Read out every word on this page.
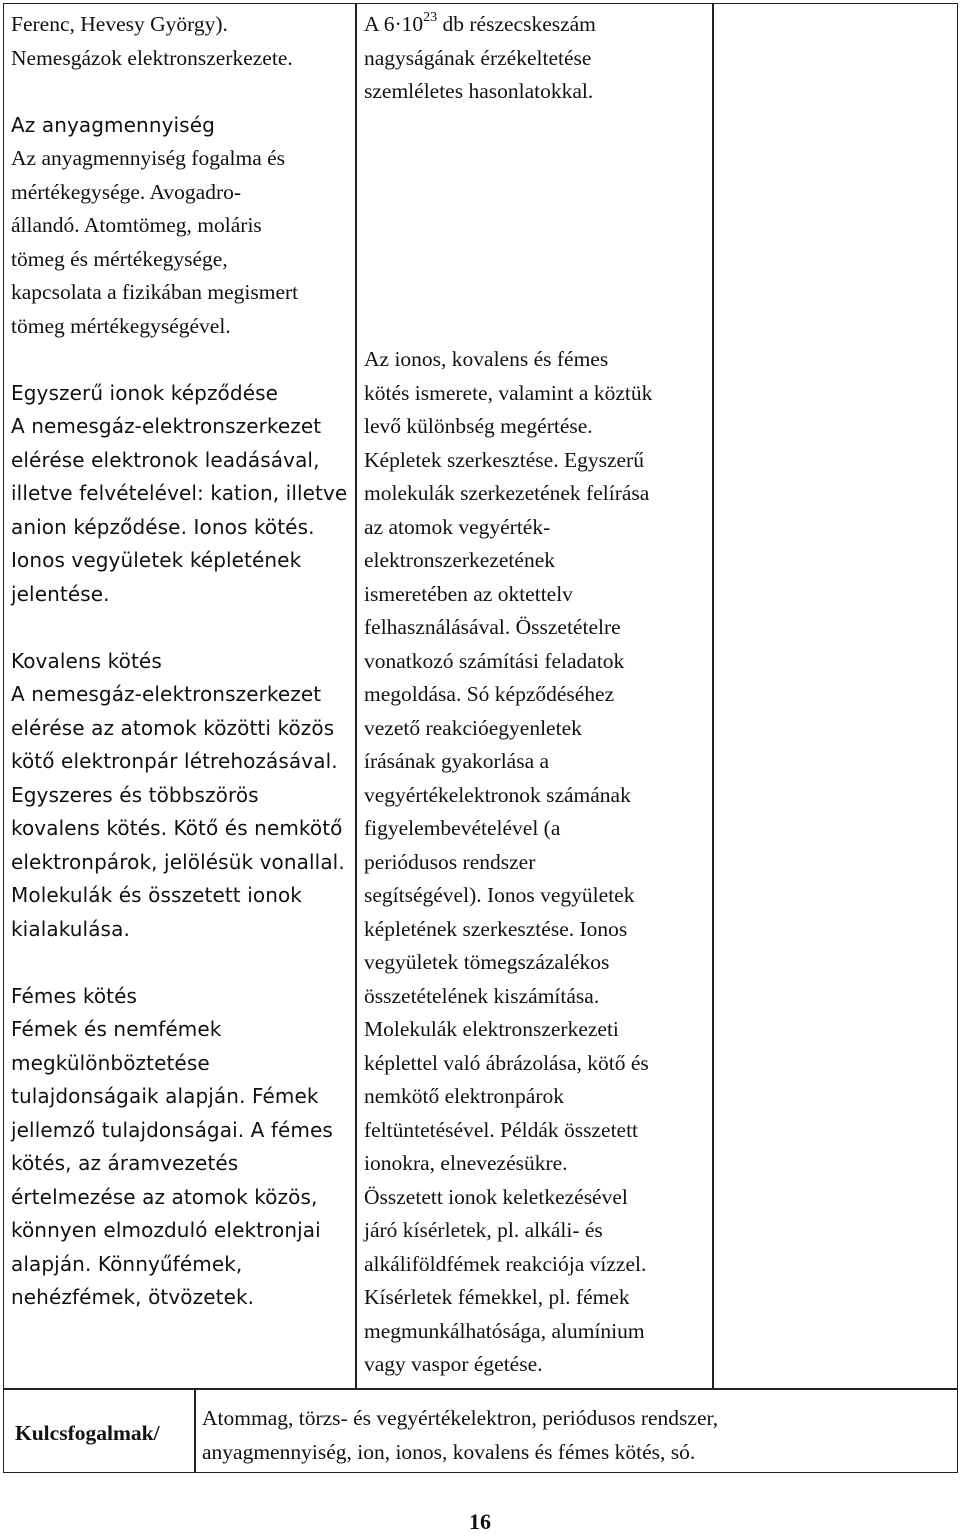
Ferenc, Hevesy György).
Nemesgázok elektronszerkezete.
Az anyagmennyiség
Az anyagmennyiség fogalma és
mértékegysége. Avogadro-
állandó. Atomtömeg, moláris
tömeg és mértékegysége,
kapcsolata a fizikában megismert
tömeg mértékegységével.
Egyszerű ionok képződése
A nemesgáz-elektronszerkezet
elérése elektronok leadásával,
illetve felvételével: kation, illetve
anion képződése. Ionos kötés.
Ionos vegyületek képletének
jelentése.
Kovalens kötés
A nemesgáz-elektronszerkezet
elérése az atomok közötti közös
kötő elektronpár létrehozásával.
Egyszeres és többszörös
kovalens kötés. Kötő és nemkötő
elektronpárok, jelölésük vonallal.
Molekulák és összetett ionok
kialakulása.
Fémes kötés
Fémek és nemfémek
megkülönböztetése
tulajdonságaik alapján. Fémek
jellemző tulajdonságai. A fémes
kötés, az áramvezetés
értelmezése az atomok közös,
könnyen elmozduló elektronjai
alapján. Könnyűfémek,
nehézfémek, ötvözetek.
A $6\cdot 10^{23}$ db részecskeszám
nagyságának érzékeltetése
szemléletes hasonlatokkal.
Az ionos, kovalens és fémes
kötés ismerete, valamint a köztük
levő különbség megértése.
Képletek szerkesztése. Egyszerű
molekulák szerkezetének felírása
az atomok vegyérték-
elektronszerkezetének
ismeretében az oktettelv
felhasználásával. Összetételre
vonatkozó számítási feladatok
megoldása. Só képződéséhez
vezető reakcióegyenletek
írásának gyakorlása a
vegyértékelektronok számának
figyelembevételével (a
periódusos rendszer
segítségével). Ionos vegyületek
képletének szerkesztése. Ionos
vegyületek tömegszázalékos
összetételének kiszámítása.
Molekulák elektronszerkezeti
képlettel való ábrázolása, kötő és
nemkötő elektronpárok
feltüntetésével. Példák összetett
ionokra, elnevezésükre.
Összetett ionok keletkezésével
járó kísérletek, pl. alkáli- és
alkáliföldfémek reakciója vízzel.
Kísérletek fémekkel, pl. fémek
megmunkálhatósága, alumínium
vagy vaspor égetése.
Kulcsfogalmak/
Atommag, törzs- és vegyértékelektron, periódusos rendszer,
anyagmennyiség, ion, ionos, kovalens és fémes kötés, só.
16
